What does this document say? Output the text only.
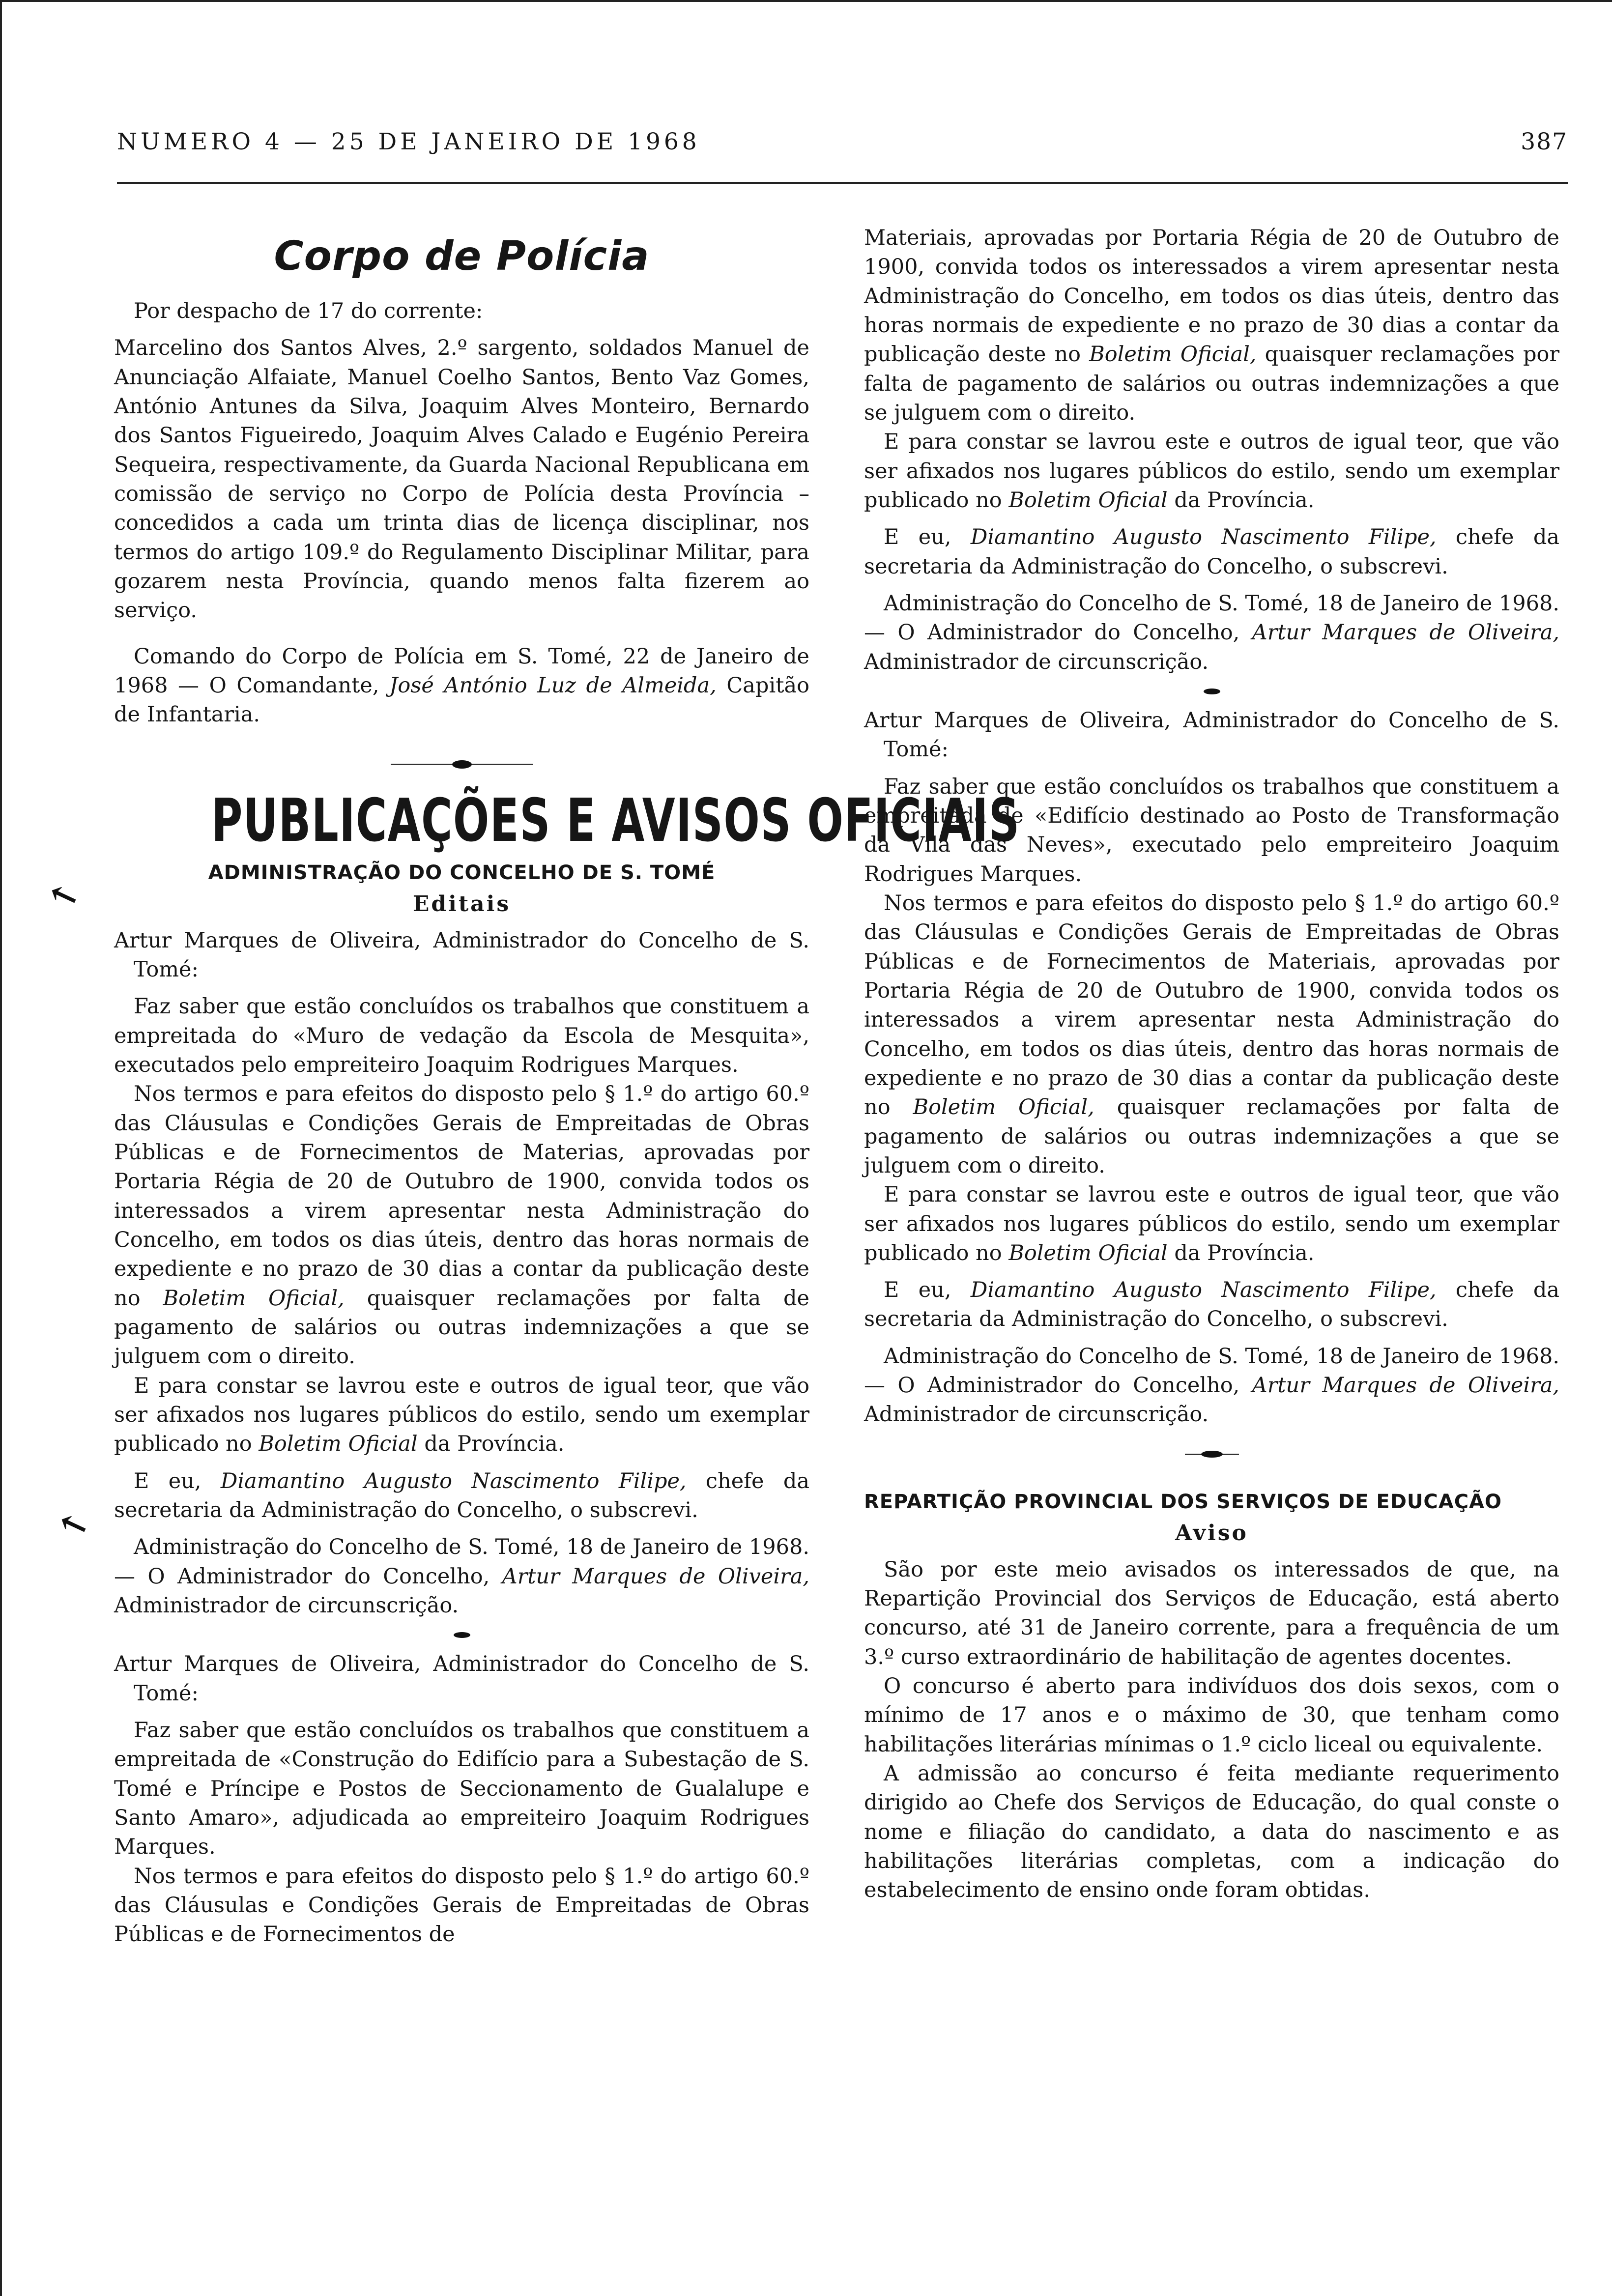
NUMERO 4 — 25 DE JANEIRO DE 1968	387
↖
↖
Corpo de Polícia

Por despacho de 17 do corrente:

Marcelino dos Santos Alves, 2.º sargento, soldados Manuel de Anunciação Alfaiate, Manuel Coelho Santos, Bento Vaz Gomes, António Antunes da Silva, Joaquim Alves Monteiro, Bernardo dos Santos Figueiredo, Joaquim Alves Calado e Eugénio Pereira Sequeira, respectivamente, da Guarda Nacional Republicana em comissão de serviço no Corpo de Polícia desta Província – concedidos a cada um trinta dias de licença disciplinar, nos termos do artigo 109.º do Regulamento Disciplinar Militar, para gozarem nesta Província, quando menos falta fizerem ao serviço.

Comando do Corpo de Polícia em S. Tomé, 22 de Janeiro de 1968 — O Comandante, José António Luz de Almeida, Capitão de Infantaria.

PUBLICAÇÕES E AVISOS OFICIAIS
ADMINISTRAÇÃO DO CONCELHO DE S. TOMÉ
Editais

Artur Marques de Oliveira, Administrador do Concelho de S. Tomé:

Faz saber que estão concluídos os trabalhos que constituem a empreitada do «Muro de vedação da Escola de Mesquita», executados pelo empreiteiro Joaquim Rodrigues Marques.

Nos termos e para efeitos do disposto pelo § 1.º do artigo 60.º das Cláusulas e Condições Gerais de Empreitadas de Obras Públicas e de Fornecimentos de Materias, aprovadas por Portaria Régia de 20 de Outubro de 1900, convida todos os interessados a virem apresentar nesta Administração do Concelho, em todos os dias úteis, dentro das horas normais de expediente e no prazo de 30 dias a contar da publicação deste no Boletim Oficial, quaisquer reclamações por falta de pagamento de salários ou outras indemnizações a que se julguem com o direito.

E para constar se lavrou este e outros de igual teor, que vão ser afixados nos lugares públicos do estilo, sendo um exemplar publicado no Boletim Oficial da Província.

E eu, Diamantino Augusto Nascimento Filipe, chefe da secretaria da Administração do Concelho, o subscrevi.

Administração do Concelho de S. Tomé, 18 de Janeiro de 1968. — O Administrador do Concelho, Artur Marques de Oliveira, Administrador de circunscrição.

Artur Marques de Oliveira, Administrador do Concelho de S. Tomé:

Faz saber que estão concluídos os trabalhos que constituem a empreitada de «Construção do Edifício para a Subestação de S. Tomé e Príncipe e Postos de Seccionamento de Gualalupe e Santo Amaro», adjudicada ao empreiteiro Joaquim Rodrigues Marques.

Nos termos e para efeitos do disposto pelo § 1.º do artigo 60.º das Cláusulas e Condições Gerais de Empreitadas de Obras Públicas e de Fornecimentos de

Materiais, aprovadas por Portaria Régia de 20 de Outubro de 1900, convida todos os interessados a virem apresentar nesta Administração do Concelho, em todos os dias úteis, dentro das horas normais de expediente e no prazo de 30 dias a contar da publicação deste no Boletim Oficial, quaisquer reclamações por falta de pagamento de salários ou outras indemnizações a que se julguem com o direito.

E para constar se lavrou este e outros de igual teor, que vão ser afixados nos lugares públicos do estilo, sendo um exemplar publicado no Boletim Oficial da Província.

E eu, Diamantino Augusto Nascimento Filipe, chefe da secretaria da Administração do Concelho, o subscrevi.

Administração do Concelho de S. Tomé, 18 de Janeiro de 1968. — O Administrador do Concelho, Artur Marques de Oliveira, Administrador de circunscrição.

Artur Marques de Oliveira, Administrador do Concelho de S. Tomé:

Faz saber que estão concluídos os trabalhos que constituem a empreitada de «Edifício destinado ao Posto de Transformação da Vila das Neves», executado pelo empreiteiro Joaquim Rodrigues Marques.

Nos termos e para efeitos do disposto pelo § 1.º do artigo 60.º das Cláusulas e Condições Gerais de Empreitadas de Obras Públicas e de Fornecimentos de Materiais, aprovadas por Portaria Régia de 20 de Outubro de 1900, convida todos os interessados a virem apresentar nesta Administração do Concelho, em todos os dias úteis, dentro das horas normais de expediente e no prazo de 30 dias a contar da publicação deste no Boletim Oficial, quaisquer reclamações por falta de pagamento de salários ou outras indemnizações a que se julguem com o direito.

E para constar se lavrou este e outros de igual teor, que vão ser afixados nos lugares públicos do estilo, sendo um exemplar publicado no Boletim Oficial da Província.

E eu, Diamantino Augusto Nascimento Filipe, chefe da secretaria da Administração do Concelho, o subscrevi.

Administração do Concelho de S. Tomé, 18 de Janeiro de 1968. — O Administrador do Concelho, Artur Marques de Oliveira, Administrador de circunscrição.

REPARTIÇÃO PROVINCIAL DOS SERVIÇOS DE EDUCAÇÃO
Aviso

São por este meio avisados os interessados de que, na Repartição Provincial dos Serviços de Educação, está aberto concurso, até 31 de Janeiro corrente, para a frequência de um 3.º curso extraordinário de habilitação de agentes docentes.

O concurso é aberto para indivíduos dos dois sexos, com o mínimo de 17 anos e o máximo de 30, que tenham como habilitações literárias mínimas o 1.º ciclo liceal ou equivalente.

A admissão ao concurso é feita mediante requerimento dirigido ao Chefe dos Serviços de Educação, do qual conste o nome e filiação do candidato, a data do nascimento e as habilitações literárias completas, com a indicação do estabelecimento de ensino onde foram obtidas.
